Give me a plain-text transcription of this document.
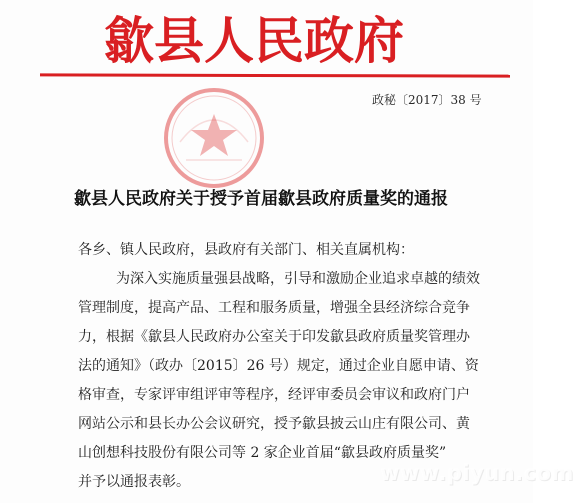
歙县人民政府
政秘〔2017〕38 号
歙县人民政府关于授予首届歙县政府质量奖的通报
各乡、镇人民政府，县政府有关部门、相关直属机构：
为深入实施质量强县战略，引导和激励企业追求卓越的绩效
管理制度，提高产品、工程和服务质量，增强全县经济综合竞争
力，根据《歙县人民政府办公室关于印发歙县政府质量奖管理办
法的通知》（政办〔2015〕26 号）规定，通过企业自愿申请、资
格审查，专家评审组评审等程序，经评审委员会审议和政府门户
网站公示和县长办公会议研究，授予歙县披云山庄有限公司、黄
山创想科技股份有限公司等 2 家企业首届“歙县政府质量奖”
并予以通报表彰。	www.piyun.com
